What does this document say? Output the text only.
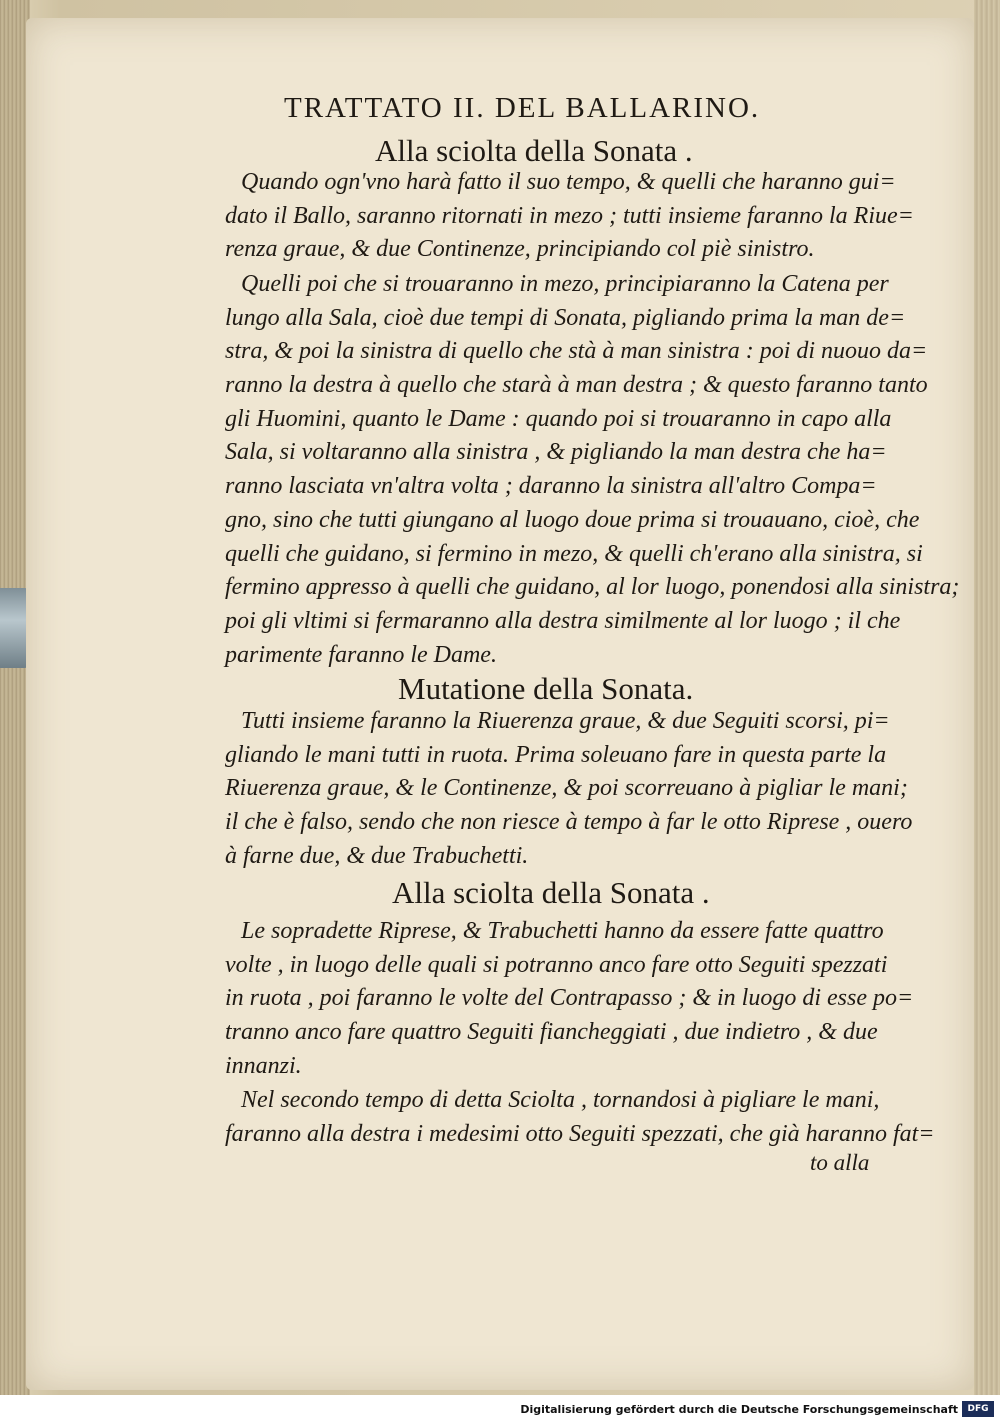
TRATTATO II. DEL BALLARINO.
Alla sciolta della Sonata .
Quando ogn'vno harà fatto il suo tempo, & quelli che haranno gui=
dato il Ballo, saranno ritornati in mezo ; tutti insieme faranno la Riue=
renza graue, & due Continenze, principiando col piè sinistro.
Quelli poi che si trouaranno in mezo, principiaranno la Catena per
lungo alla Sala, cioè due tempi di Sonata, pigliando prima la man de=
stra, & poi la sinistra di quello che stà à man sinistra : poi di nuouo da=
ranno la destra à quello che starà à man destra ; & questo faranno tanto
gli Huomini, quanto le Dame : quando poi si trouaranno in capo alla
Sala, si voltaranno alla sinistra , & pigliando la man destra che ha=
ranno lasciata vn'altra volta ; daranno la sinistra all'altro Compa=
gno, sino che tutti giungano al luogo doue prima si trouauano, cioè, che
quelli che guidano, si fermino in mezo, & quelli ch'erano alla sinistra, si
fermino appresso à quelli che guidano, al lor luogo, ponendosi alla sinistra;
poi gli vltimi si fermaranno alla destra similmente al lor luogo ; il che
parimente faranno le Dame.
Mutatione della Sonata.
Tutti insieme faranno la Riuerenza graue, & due Seguiti scorsi, pi=
gliando le mani tutti in ruota. Prima soleuano fare in questa parte la
Riuerenza graue, & le Continenze, & poi scorreuano à pigliar le mani;
il che è falso, sendo che non riesce à tempo à far le otto Riprese , ouero
à farne due, & due Trabuchetti.
Alla sciolta della Sonata .
Le sopradette Riprese, & Trabuchetti hanno da essere fatte quattro
volte , in luogo delle quali si potranno anco fare otto Seguiti spezzati
in ruota , poi faranno le volte del Contrapasso ; & in luogo di esse po=
tranno anco fare quattro Seguiti fiancheggiati , due indietro , & due
innanzi.
Nel secondo tempo di detta Sciolta , tornandosi à pigliare le mani,
faranno alla destra i medesimi otto Seguiti spezzati, che già haranno fat=
to alla
Digitalisierung gefördert durch die Deutsche Forschungsgemeinschaft	DFG
